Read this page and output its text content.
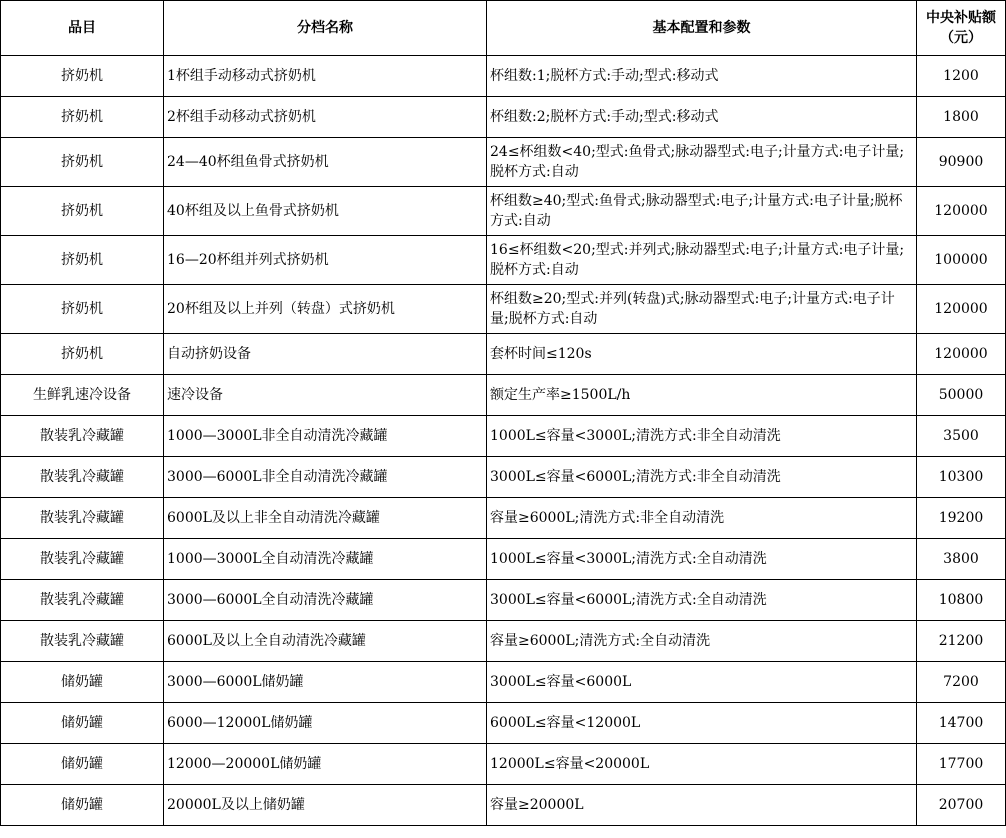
品目	分档名称	基本配置和参数	中央补贴额（元）
挤奶机	1杯组手动移动式挤奶机	杯组数:1;脱杯方式:手动;型式:移动式	1200
挤奶机	2杯组手动移动式挤奶机	杯组数:2;脱杯方式:手动;型式:移动式	1800
挤奶机	24—40杯组鱼骨式挤奶机	24≤杯组数<40;型式:鱼骨式;脉动器型式:电子;计量方式:电子计量;脱杯方式:自动	90900
挤奶机	40杯组及以上鱼骨式挤奶机	杯组数≥40;型式:鱼骨式;脉动器型式:电子;计量方式:电子计量;脱杯方式:自动	120000
挤奶机	16—20杯组并列式挤奶机	16≤杯组数<20;型式:并列式;脉动器型式:电子;计量方式:电子计量;脱杯方式:自动	100000
挤奶机	20杯组及以上并列（转盘）式挤奶机	杯组数≥20;型式:并列(转盘)式;脉动器型式:电子;计量方式:电子计量;脱杯方式:自动	120000
挤奶机	自动挤奶设备	套杯时间≤120s	120000
生鲜乳速冷设备	速冷设备	额定生产率≥1500L/h	50000
散装乳冷藏罐	1000—3000L非全自动清洗冷藏罐	1000L≤容量<3000L;清洗方式:非全自动清洗	3500
散装乳冷藏罐	3000—6000L非全自动清洗冷藏罐	3000L≤容量<6000L;清洗方式:非全自动清洗	10300
散装乳冷藏罐	6000L及以上非全自动清洗冷藏罐	容量≥6000L;清洗方式:非全自动清洗	19200
散装乳冷藏罐	1000—3000L全自动清洗冷藏罐	1000L≤容量<3000L;清洗方式:全自动清洗	3800
散装乳冷藏罐	3000—6000L全自动清洗冷藏罐	3000L≤容量<6000L;清洗方式:全自动清洗	10800
散装乳冷藏罐	6000L及以上全自动清洗冷藏罐	容量≥6000L;清洗方式:全自动清洗	21200
储奶罐	3000—6000L储奶罐	3000L≤容量<6000L	7200
储奶罐	6000—12000L储奶罐	6000L≤容量<12000L	14700
储奶罐	12000—20000L储奶罐	12000L≤容量<20000L	17700
储奶罐	20000L及以上储奶罐	容量≥20000L	20700
